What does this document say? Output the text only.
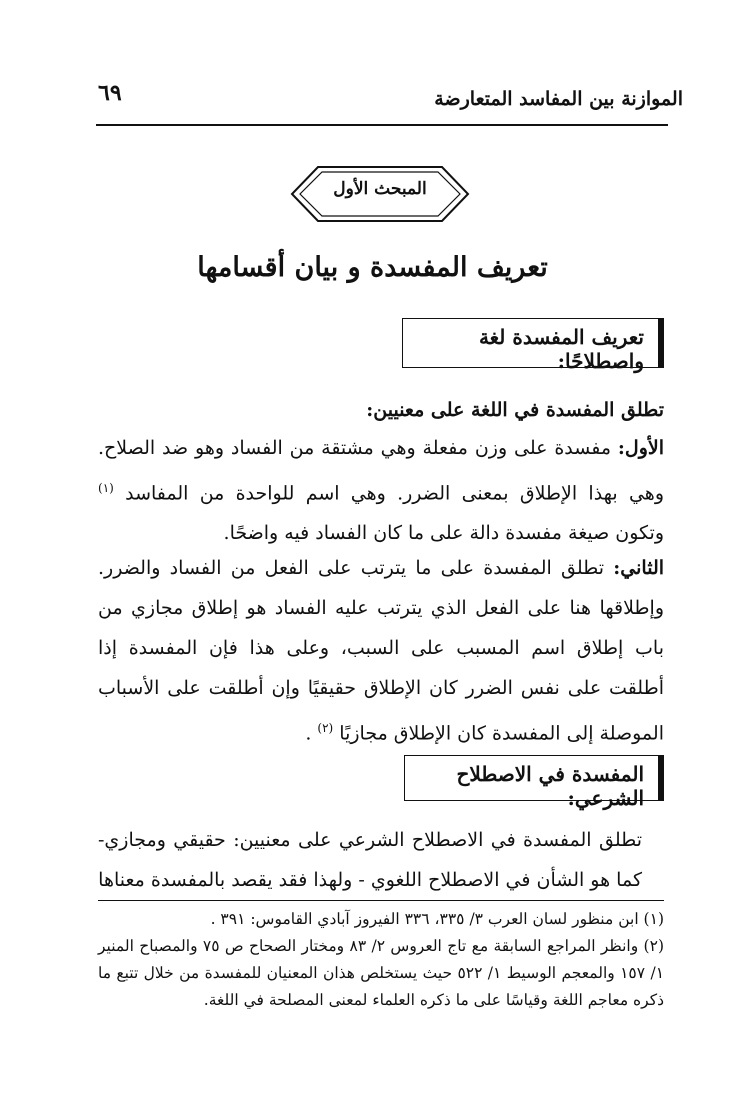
الموازنة بين المفاسد المتعارضة
٦٩
المبحث الأول
تعريف المفسدة و بيان أقسامها
تعريف المفسدة لغة واصطلاحًا:
تطلق المفسدة في اللغة على معنيين:
الأول: مفسدة على وزن مفعلة وهي مشتقة من الفساد وهو ضد الصلاح. وهي بهذا الإطلاق بمعنى الضرر. وهي اسم للواحدة من المفاسد $^{(١)}$ وتكون صيغة مفسدة دالة على ما كان الفساد فيه واضحًا.
الثاني: تطلق المفسدة على ما يترتب على الفعل من الفساد والضرر. وإطلاقها هنا على الفعل الذي يترتب عليه الفساد هو إطلاق مجازي من باب إطلاق اسم المسبب على السبب، وعلى هذا فإن المفسدة إذا أطلقت على نفس الضرر كان الإطلاق حقيقيًا وإن أطلقت على الأسباب الموصلة إلى المفسدة كان الإطلاق مجازيًا $^{(٢)}$ .
المفسدة في الاصطلاح الشرعي:
تطلق المفسدة في الاصطلاح الشرعي على معنيين: حقيقي ومجازي- كما هو الشأن في الاصطلاح اللغوي - ولهذا فقد يقصد بالمفسدة معناها

(١) ابن منظور لسان العرب ٣/ ٣٣٥، ٣٣٦ الفيروز آبادي القاموس: ٣٩١ .

(٢) وانظر المراجع السابقة مع تاج العروس ٢/ ٨٣ ومختار الصحاح ص ٧٥ والمصباح المنير ١/ ١٥٧ والمعجم الوسيط ١/ ٥٢٢ حيث يستخلص هذان المعنيان للمفسدة من خلال تتبع ما ذكره معاجم اللغة وقياسًا على ما ذكره العلماء لمعنى المصلحة في اللغة.
